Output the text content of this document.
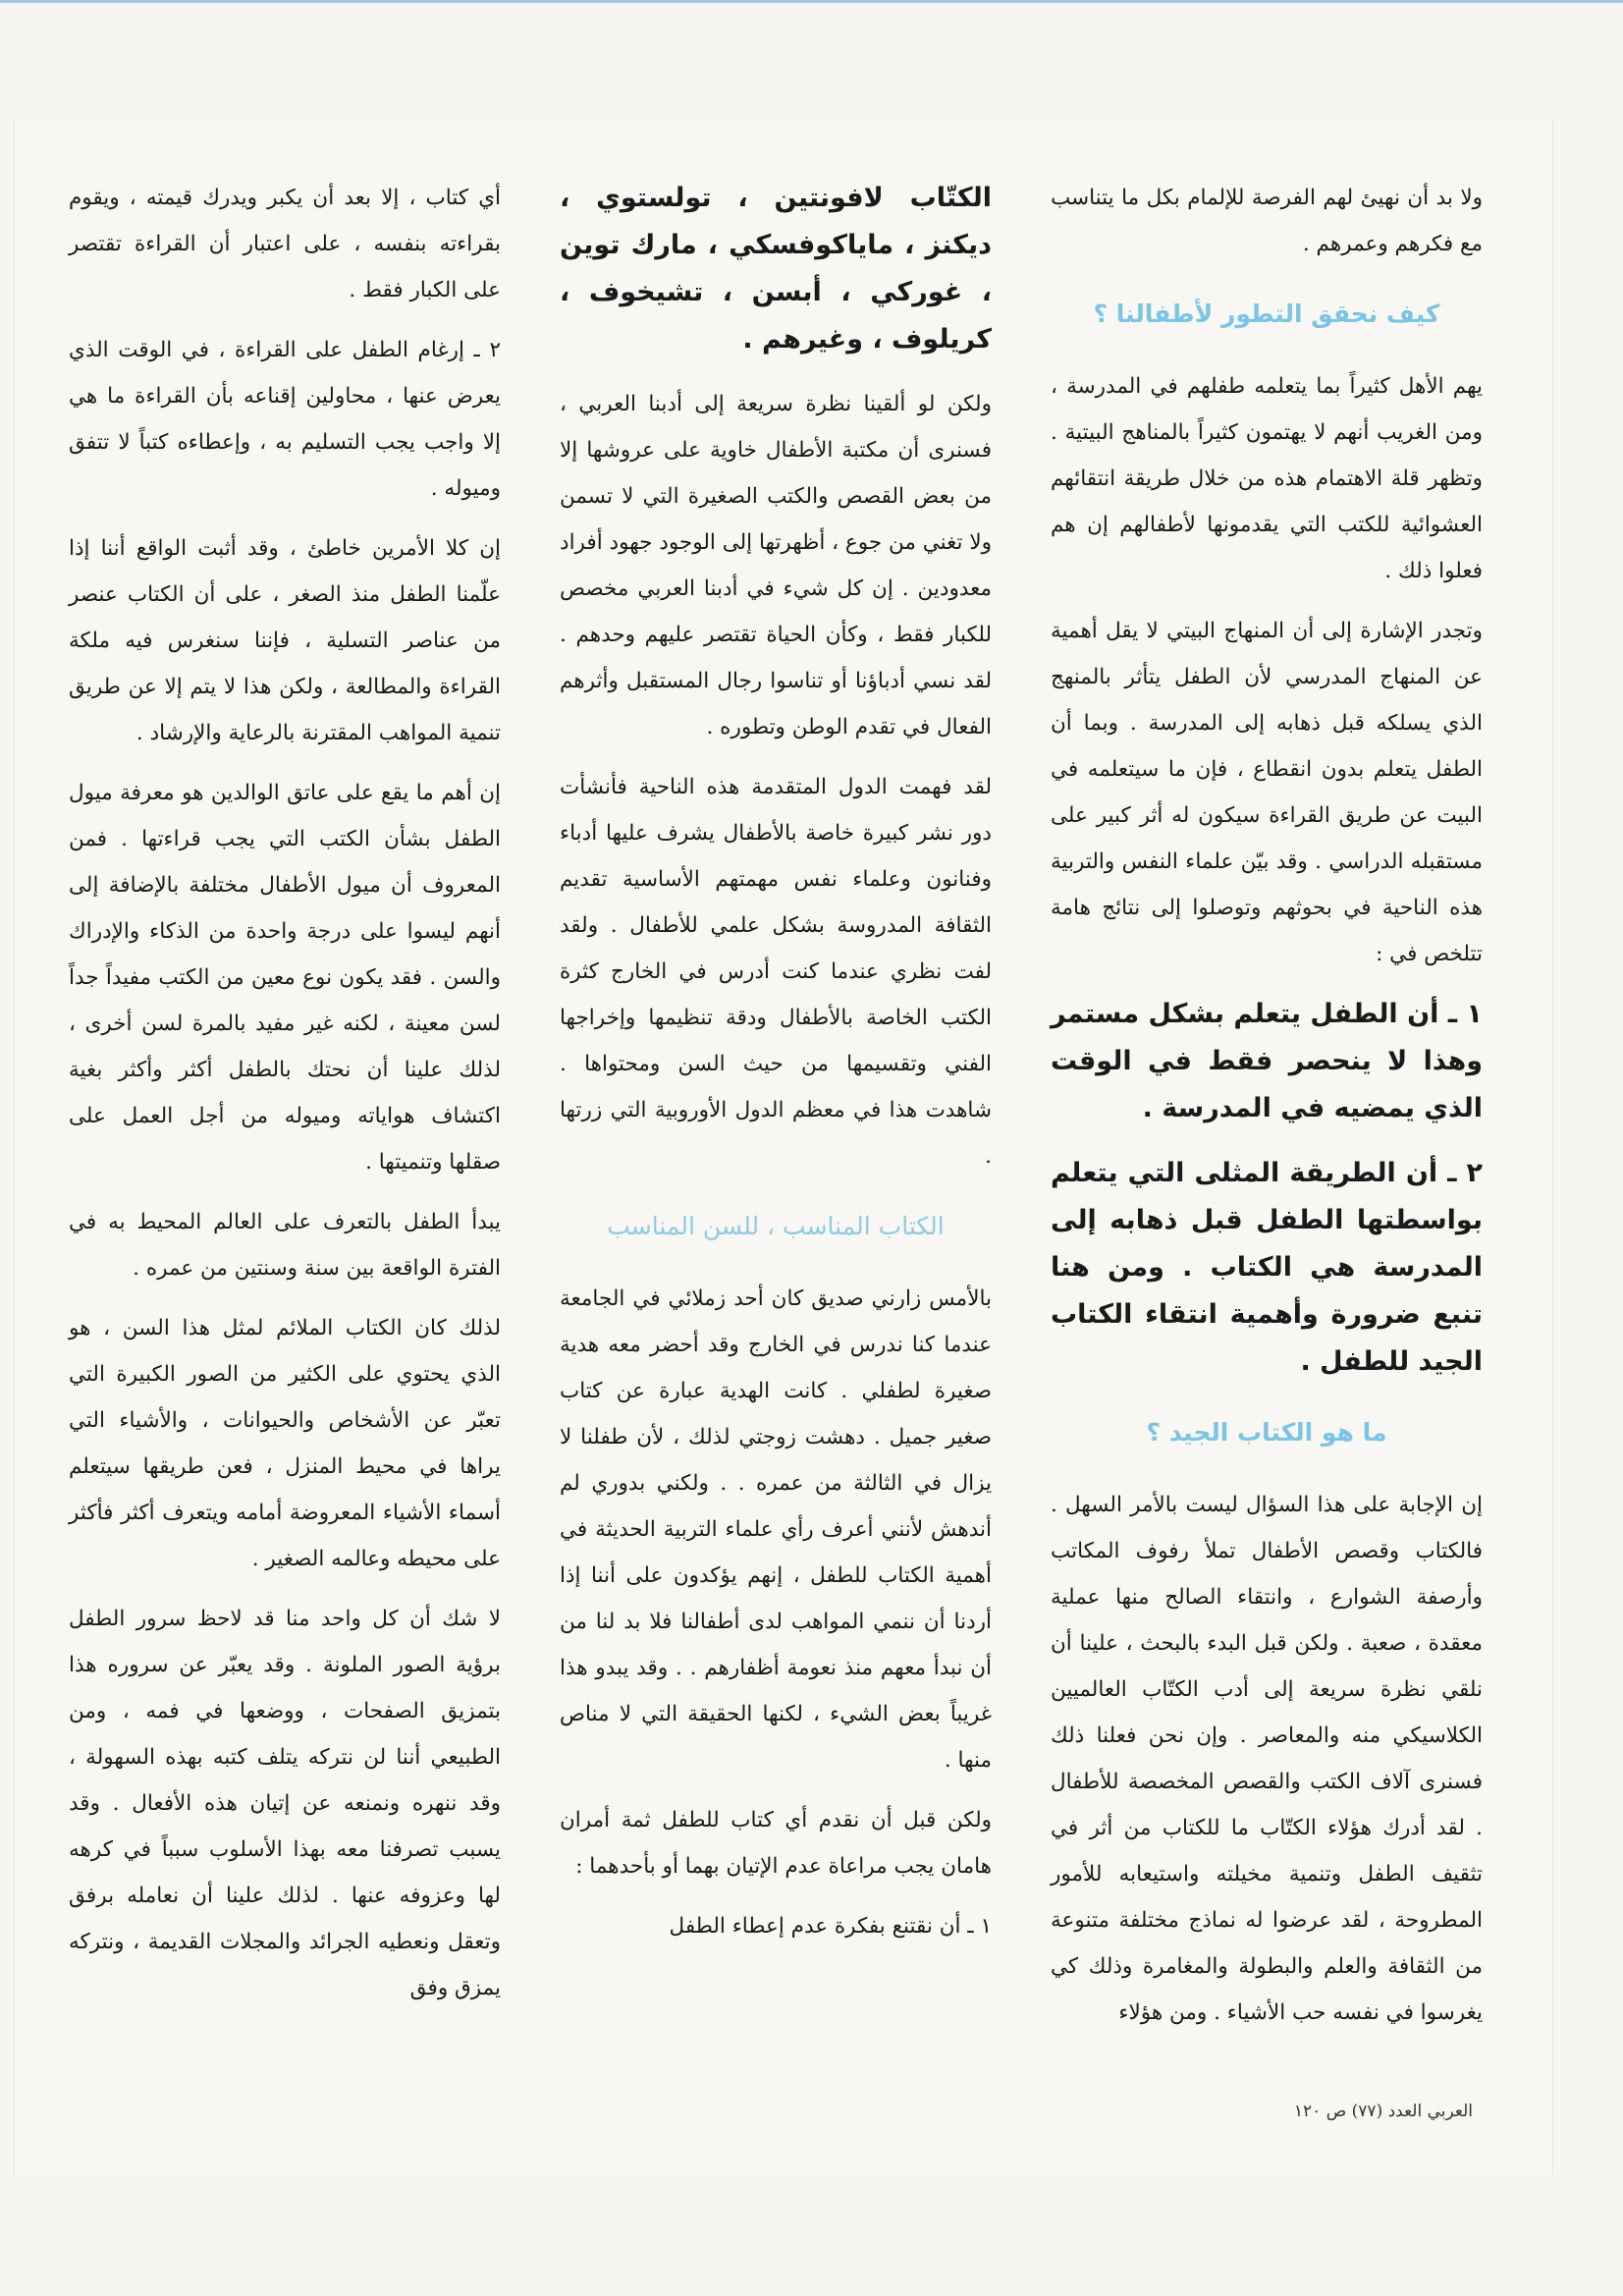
ولا بد أن نهيئ لهم الفرصة للإلمام بكل ما يتناسب مع فكرهم وعمرهم .

كيف نحقق التطور لأطفالنا ؟

يهم الأهل كثيراً بما يتعلمه طفلهم في المدرسة ، ومن الغريب أنهم لا يهتمون كثيراً بالمناهج البيتية . وتظهر قلة الاهتمام هذه من خلال طريقة انتقائهم العشوائية للكتب التي يقدمونها لأطفالهم إن هم فعلوا ذلك .

وتجدر الإشارة إلى أن المنهاج البيتي لا يقل أهمية عن المنهاج المدرسي لأن الطفل يتأثر بالمنهج الذي يسلكه قبل ذهابه إلى المدرسة . وبما أن الطفل يتعلم بدون انقطاع ، فإن ما سيتعلمه في البيت عن طريق القراءة سيكون له أثر كبير على مستقبله الدراسي . وقد بيّن علماء النفس والتربية هذه الناحية في بحوثهم وتوصلوا إلى نتائج هامة تتلخص في :

١ ـ أن الطفل يتعلم بشكل مستمر وهذا لا ينحصر فقط في الوقت الذي يمضيه في المدرسة .

٢ ـ أن الطريقة المثلى التي يتعلم بواسطتها الطفل قبل ذهابه إلى المدرسة هي الكتاب . ومن هنا تنبع ضرورة وأهمية انتقاء الكتاب الجيد للطفل .

ما هو الكتاب الجيد ؟

إن الإجابة على هذا السؤال ليست بالأمر السهل . فالكتاب وقصص الأطفال تملأ رفوف المكاتب وأرصفة الشوارع ، وانتقاء الصالح منها عملية معقدة ، صعبة . ولكن قبل البدء بالبحث ، علينا أن نلقي نظرة سريعة إلى أدب الكتّاب العالميين الكلاسيكي منه والمعاصر . وإن نحن فعلنا ذلك فسنرى آلاف الكتب والقصص المخصصة للأطفال . لقد أدرك هؤلاء الكتّاب ما للكتاب من أثر في تثقيف الطفل وتنمية مخيلته واستيعابه للأمور المطروحة ، لقد عرضوا له نماذج مختلفة متنوعة من الثقافة والعلم والبطولة والمغامرة وذلك كي يغرسوا في نفسه حب الأشياء . ومن هؤلاء

الكتّاب لافونتين ، تولستوي ، ديكنز ، ماياكوفسكي ، مارك توين ، غوركي ، أبسن ، تشيخوف ، كريلوف ، وغيرهم .

ولكن لو ألقينا نظرة سريعة إلى أدبنا العربي ، فسنرى أن مكتبة الأطفال خاوية على عروشها إلا من بعض القصص والكتب الصغيرة التي لا تسمن ولا تغني من جوع ، أظهرتها إلى الوجود جهود أفراد معدودين . إن كل شيء في أدبنا العربي مخصص للكبار فقط ، وكأن الحياة تقتصر عليهم وحدهم . لقد نسي أدباؤنا أو تناسوا رجال المستقبل وأثرهم الفعال في تقدم الوطن وتطوره .

لقد فهمت الدول المتقدمة هذه الناحية فأنشأت دور نشر كبيرة خاصة بالأطفال يشرف عليها أدباء وفنانون وعلماء نفس مهمتهم الأساسية تقديم الثقافة المدروسة بشكل علمي للأطفال . ولقد لفت نظري عندما كنت أدرس في الخارج كثرة الكتب الخاصة بالأطفال ودقة تنظيمها وإخراجها الفني وتقسيمها من حيث السن ومحتواها . شاهدت هذا في معظم الدول الأوروبية التي زرتها .

الكتاب المناسب ، للسن المناسب

بالأمس زارني صديق كان أحد زملائي في الجامعة عندما كنا ندرس في الخارج وقد أحضر معه هدية صغيرة لطفلي . كانت الهدية عبارة عن كتاب صغير جميل . دهشت زوجتي لذلك ، لأن طفلنا لا يزال في الثالثة من عمره . . ولكني بدوري لم أندهش لأنني أعرف رأي علماء التربية الحديثة في أهمية الكتاب للطفل ، إنهم يؤكدون على أننا إذا أردنا أن ننمي المواهب لدى أطفالنا فلا بد لنا من أن نبدأ معهم منذ نعومة أظفارهم . . وقد يبدو هذا غريباً بعض الشيء ، لكنها الحقيقة التي لا مناص منها .

ولكن قبل أن نقدم أي كتاب للطفل ثمة أمران هامان يجب مراعاة عدم الإتيان بهما أو بأحدهما :

١ ـ أن نقتنع بفكرة عدم إعطاء الطفل

أي كتاب ، إلا بعد أن يكبر ويدرك قيمته ، ويقوم بقراءته بنفسه ، على اعتبار أن القراءة تقتصر على الكبار فقط .

٢ ـ إرغام الطفل على القراءة ، في الوقت الذي يعرض عنها ، محاولين إقناعه بأن القراءة ما هي إلا واجب يجب التسليم به ، وإعطاءه كتباً لا تتفق وميوله .

إن كلا الأمرين خاطئ ، وقد أثبت الواقع أننا إذا علّمنا الطفل منذ الصغر ، على أن الكتاب عنصر من عناصر التسلية ، فإننا سنغرس فيه ملكة القراءة والمطالعة ، ولكن هذا لا يتم إلا عن طريق تنمية المواهب المقترنة بالرعاية والإرشاد .

إن أهم ما يقع على عاتق الوالدين هو معرفة ميول الطفل بشأن الكتب التي يجب قراءتها . فمن المعروف أن ميول الأطفال مختلفة بالإضافة إلى أنهم ليسوا على درجة واحدة من الذكاء والإدراك والسن . فقد يكون نوع معين من الكتب مفيداً جداً لسن معينة ، لكنه غير مفيد بالمرة لسن أخرى ، لذلك علينا أن نحتك بالطفل أكثر وأكثر بغية اكتشاف هواياته وميوله من أجل العمل على صقلها وتنميتها .

يبدأ الطفل بالتعرف على العالم المحيط به في الفترة الواقعة بين سنة وسنتين من عمره .

لذلك كان الكتاب الملائم لمثل هذا السن ، هو الذي يحتوي على الكثير من الصور الكبيرة التي تعبّر عن الأشخاص والحيوانات ، والأشياء التي يراها في محيط المنزل ، فعن طريقها سيتعلم أسماء الأشياء المعروضة أمامه ويتعرف أكثر فأكثر على محيطه وعالمه الصغير .

لا شك أن كل واحد منا قد لاحظ سرور الطفل برؤية الصور الملونة . وقد يعبّر عن سروره هذا بتمزيق الصفحات ، ووضعها في فمه ، ومن الطبيعي أننا لن نتركه يتلف كتبه بهذه السهولة ، وقد ننهره ونمنعه عن إتيان هذه الأفعال . وقد يسبب تصرفنا معه بهذا الأسلوب سبباً في كرهه لها وعزوفه عنها . لذلك علينا أن نعامله برفق وتعقل ونعطيه الجرائد والمجلات القديمة ، ونتركه يمزق وفق

العربي العدد (٧٧) ص ١٢٠
